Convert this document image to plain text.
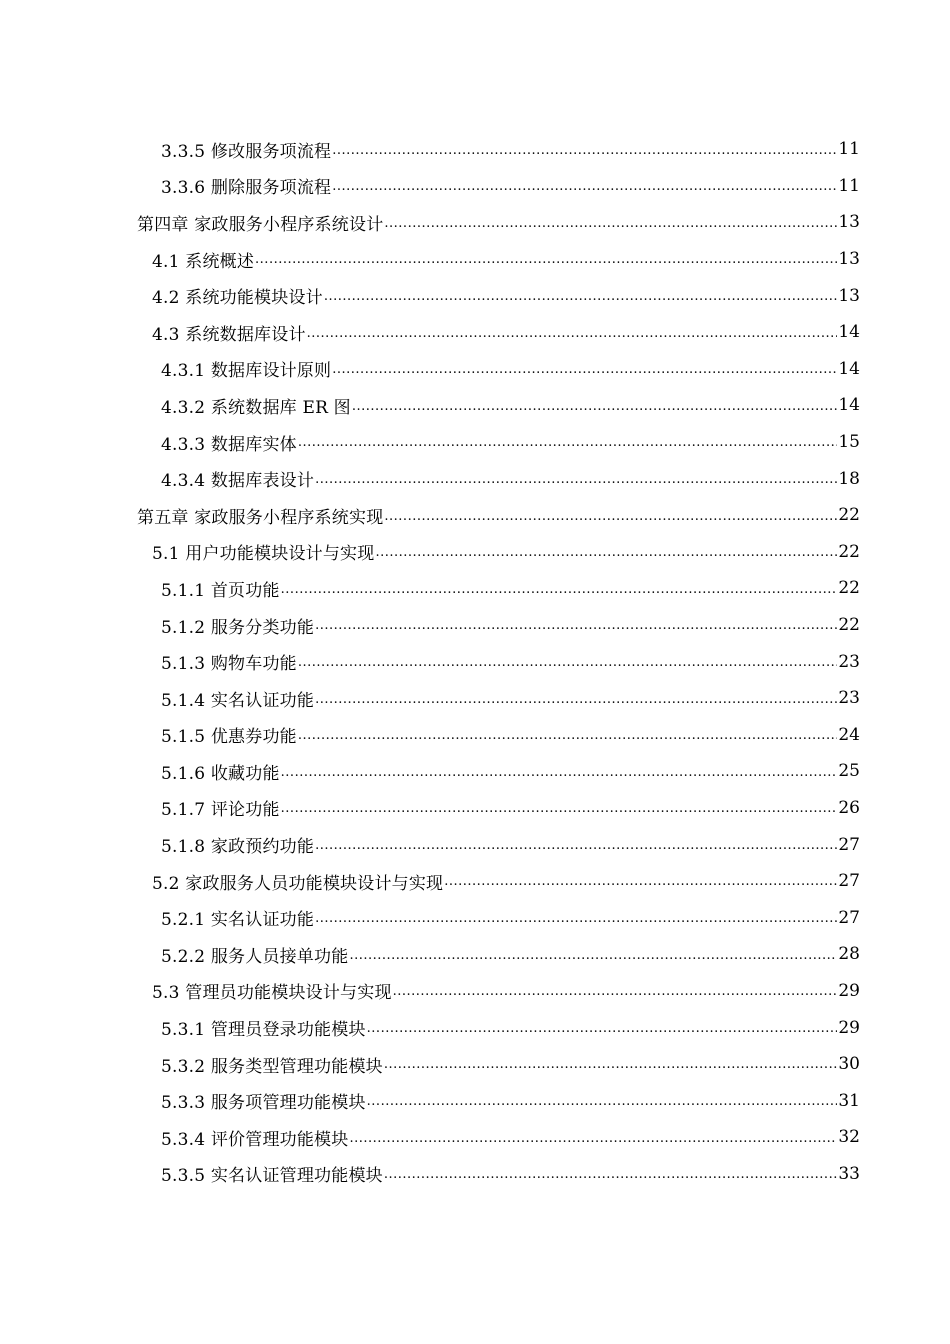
3.3.5 修改服务项流程 .....	11
3.3.6 删除服务项流程 .....	11
第四章 家政服务小程序系统设计 .....	13
4.1 系统概述 .....	13
4.2 系统功能模块设计 .....	13
4.3 系统数据库设计 .....	14
4.3.1 数据库设计原则 .....	14
4.3.2 系统数据库 ER 图 .....	14
4.3.3 数据库实体 .....	15
4.3.4 数据库表设计 .....	18
第五章 家政服务小程序系统实现 .....	22
5.1 用户功能模块设计与实现 .....	22
5.1.1 首页功能 .....	22
5.1.2 服务分类功能 .....	22
5.1.3 购物车功能 .....	23
5.1.4 实名认证功能 .....	23
5.1.5 优惠券功能 .....	24
5.1.6 收藏功能 .....	25
5.1.7 评论功能 .....	26
5.1.8 家政预约功能 .....	27
5.2 家政服务人员功能模块设计与实现 .....	27
5.2.1 实名认证功能 .....	27
5.2.2 服务人员接单功能 .....	28
5.3 管理员功能模块设计与实现 .....	29
5.3.1 管理员登录功能模块 .....	29
5.3.2 服务类型管理功能模块 .....	30
5.3.3 服务项管理功能模块 .....	31
5.3.4 评价管理功能模块 .....	32
5.3.5 实名认证管理功能模块 .....	33
